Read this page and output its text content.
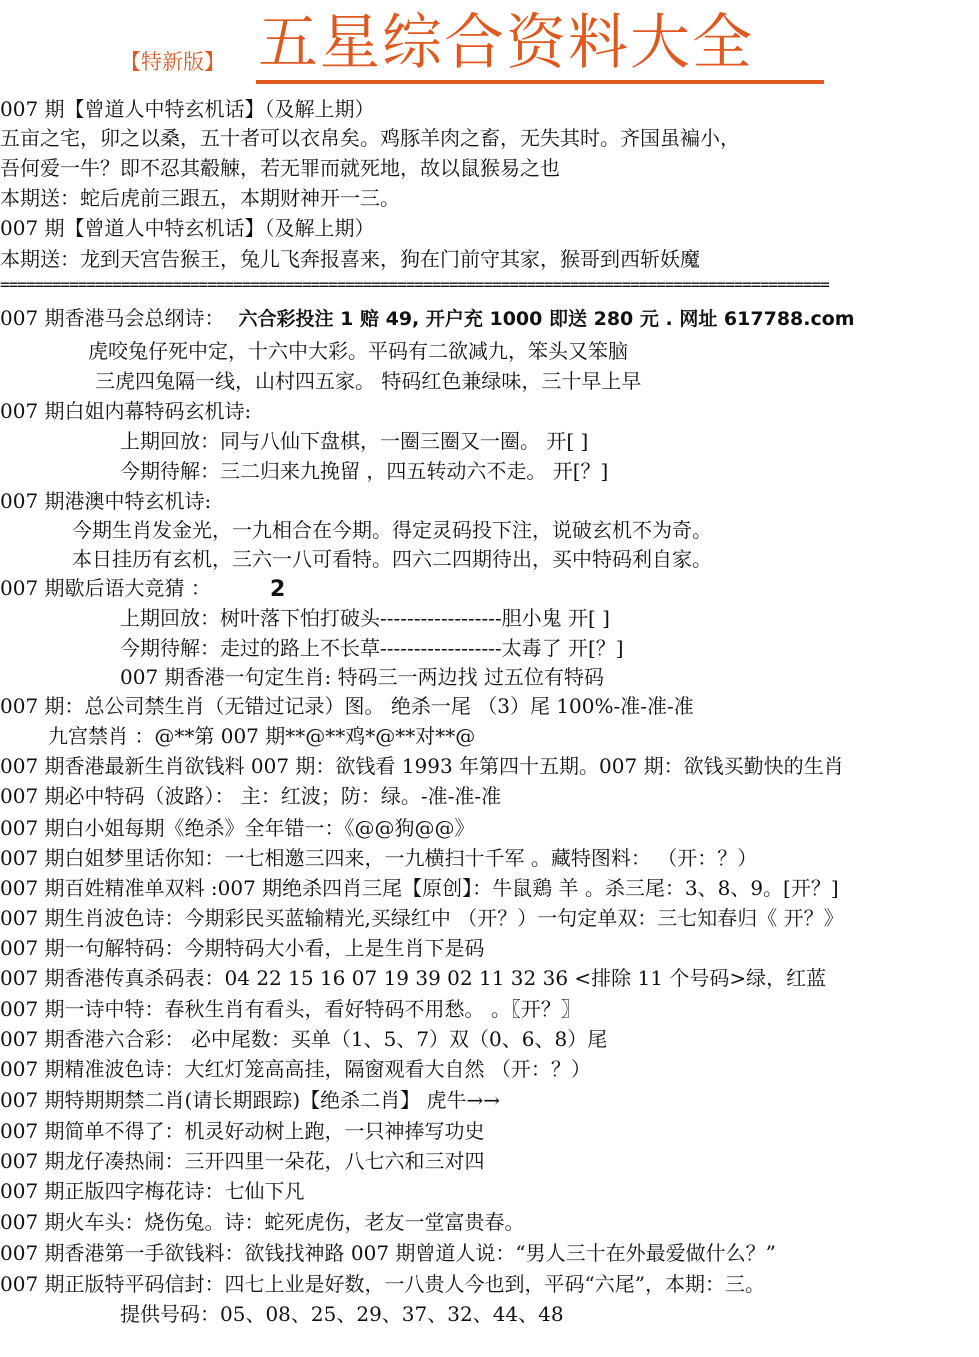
【特新版】 五星综合资料大全
007 期【曾道人中特玄机话】（及解上期）
五亩之宅，卯之以桑，五十者可以衣帛矣。鸡豚羊肉之畜，无失其时。齐国虽褊小，
吾何爱一牛？即不忍其觳觫，若无罪而就死地，故以鼠猴易之也
本期送：蛇后虎前三跟五，本期财神开一三。
007 期【曾道人中特玄机话】（及解上期）
本期送：龙到天宫告猴王，兔儿飞奔报喜来，狗在门前守其家，猴哥到西斩妖魔
================================================================================================
007 期香港马会总纲诗： 六合彩投注 1 赔 49, 开户充 1000 即送 280 元 . 网址 617788.com
虎咬兔仔死中定，十六中大彩。平码有二欲减九，笨头又笨脑
三虎四兔隔一线，山村四五家。 特码红色兼绿味，三十早上早
007 期白姐内幕特码玄机诗:
上期回放：同与八仙下盘棋，一圈三圈又一圈。 开[ ]
今期待解：三二归来九挽留 ，四五转动六不走。 开[？]
007 期港澳中特玄机诗:
今期生肖发金光，一九相合在今期。得定灵码投下注，说破玄机不为奇。
本日挂历有玄机，三六一八可看特。四六二四期待出，买中特码利自家。
007 期歇后语大竞猜 ：	2
上期回放：树叶落下怕打破头------------------胆小鬼 开[ ]
今期待解：走过的路上不长草------------------太毒了 开[？]
007 期香港一句定生肖: 特码三一两边找 过五位有特码
007 期：总公司禁生肖（无错过记录）图。 绝杀一尾 （3）尾 100%-准-准-准
九宫禁肖 ：@**第 007 期**@**鸡*@**对**@
007 期香港最新生肖欲钱料 007 期：欲钱看 1993 年第四十五期。007 期：欲钱买勤快的生肖
007 期必中特码（波路）： 主：红波；防：绿。-准-准-准
007 期白小姐每期《绝杀》全年错一：《@@狗@@》
007 期白姐梦里话你知：一七相邀三四来，一九横扫十千军 。藏特图料： （开：？）
007 期百姓精准单双料 :007 期绝杀四肖三尾【原创】：牛鼠鶏 羊 。杀三尾：3、8、9。[开？]
007 期生肖波色诗：今期彩民买蓝输精光,买绿红中 （开？）一句定单双：三七知春归《 开？》
007 期一句解特码：今期特码大小看，上是生肖下是码
007 期香港传真杀码表：04 22 15 16 07 19 39 02 11 32 36 <排除 11 个号码>绿，红蓝
007 期一诗中特：春秋生肖有看头，看好特码不用愁。 。〖开？〗
007 期香港六合彩： 必中尾数：买单（1、5、7）双（0、6、8）尾
007 期精准波色诗：大红灯笼高高挂，隔窗观看大自然 （开：？）
007 期特期期禁二肖(请长期跟踪)【绝杀二肖】 虎牛→→
007 期简单不得了：机灵好动树上跑，一只神捧写功史
007 期龙仔凑热闹：三开四里一朵花，八七六和三对四
007 期正版四字梅花诗：七仙下凡
007 期火车头：烧伤兔。诗：蛇死虎伤，老友一堂富贵春。
007 期香港第一手欲钱料：欲钱找神路 007 期曾道人说：“男人三十在外最爱做什么？”
007 期正版特平码信封：四七上业是好数，一八贵人今也到，平码“六尾”，本期：三。
提供号码：05、08、25、29、37、32、44、48
